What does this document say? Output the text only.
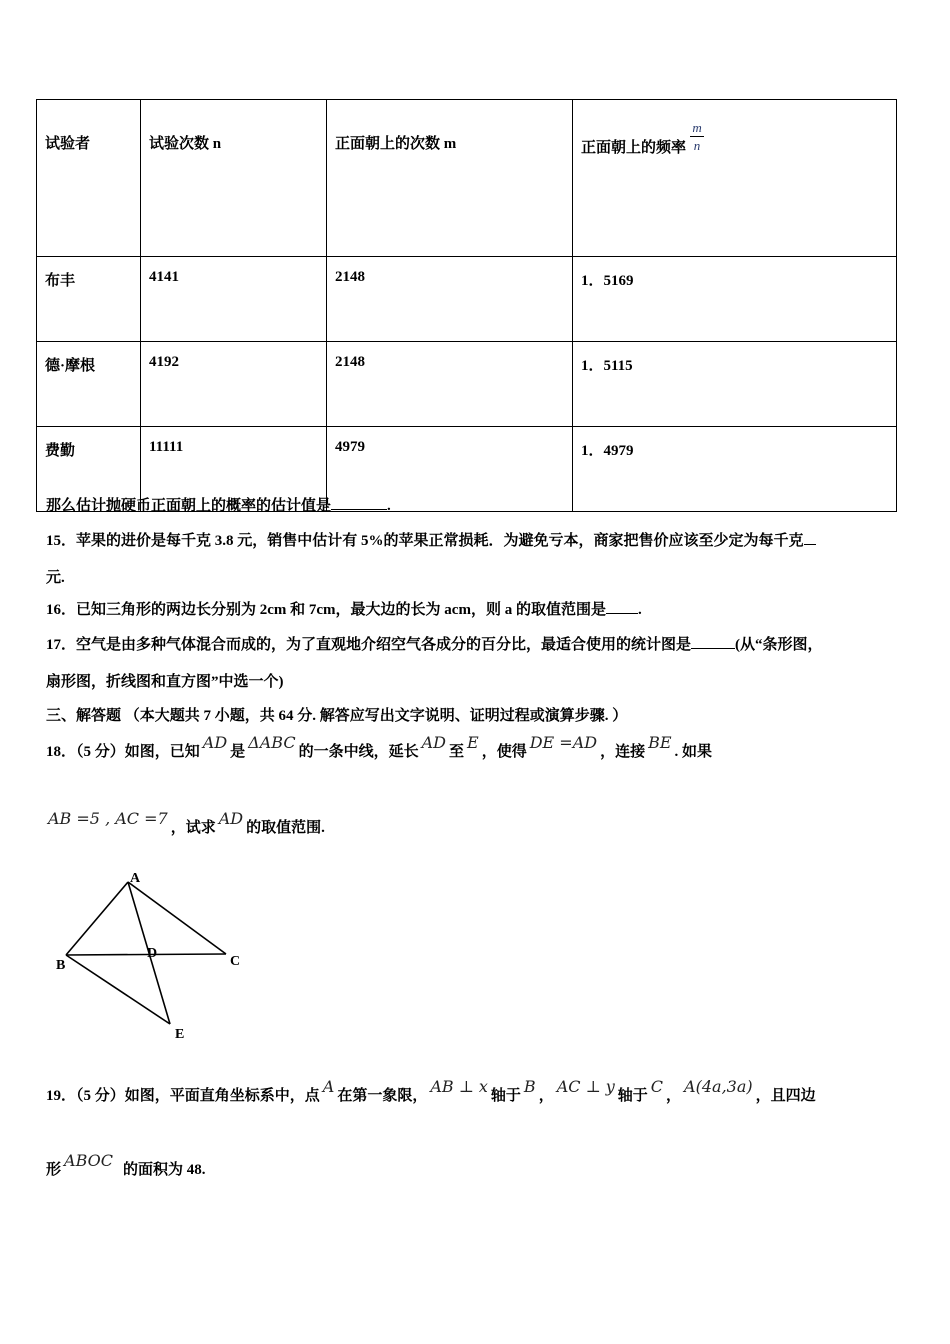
试验者	试验次数 n	正面朝上的次数 m	正面朝上的频率 $\frac{m}{n}$

布丰	4141	2148	1．5169
德·摩根	4192	2148	1．5115
费勤	11111	4979	1．4979
那么估计抛硬币正面朝上的概率的估计值是	.
15．苹果的进价是每千克 3.8 元，销售中估计有 5%的苹果正常损耗．为避免亏本，商家把售价应该至少定为每千克
元.
16．已知三角形的两边长分别为 2cm 和 7cm，最大边的长为 acm，则 a 的取值范围是 .
17．空气是由多种气体混合而成的，为了直观地介绍空气各成分的百分比，最适合使用的统计图是	(从“条形图，
扇形图，折线图和直方图”中选一个)
三、解答题 （本大题共 7 小题，共 64 分. 解答应写出文字说明、证明过程或演算步骤. ）
18．（5 分）如图，已知 AD 是 ΔABC 的一条中线，延长 AD 至 E ，使得 DE =AD ，连接 BE . 如果
AB =5 , AC =7 ，试求 AD 的取值范围.
A
B	C
D
E
19．（5 分）如图，平面直角坐标系中，点 A 在第一象限， AB ⊥ x 轴于 B ， AC ⊥ y 轴于 C ， A(4a,3a) ，且四边
形 ABOC 的面积为 48.
